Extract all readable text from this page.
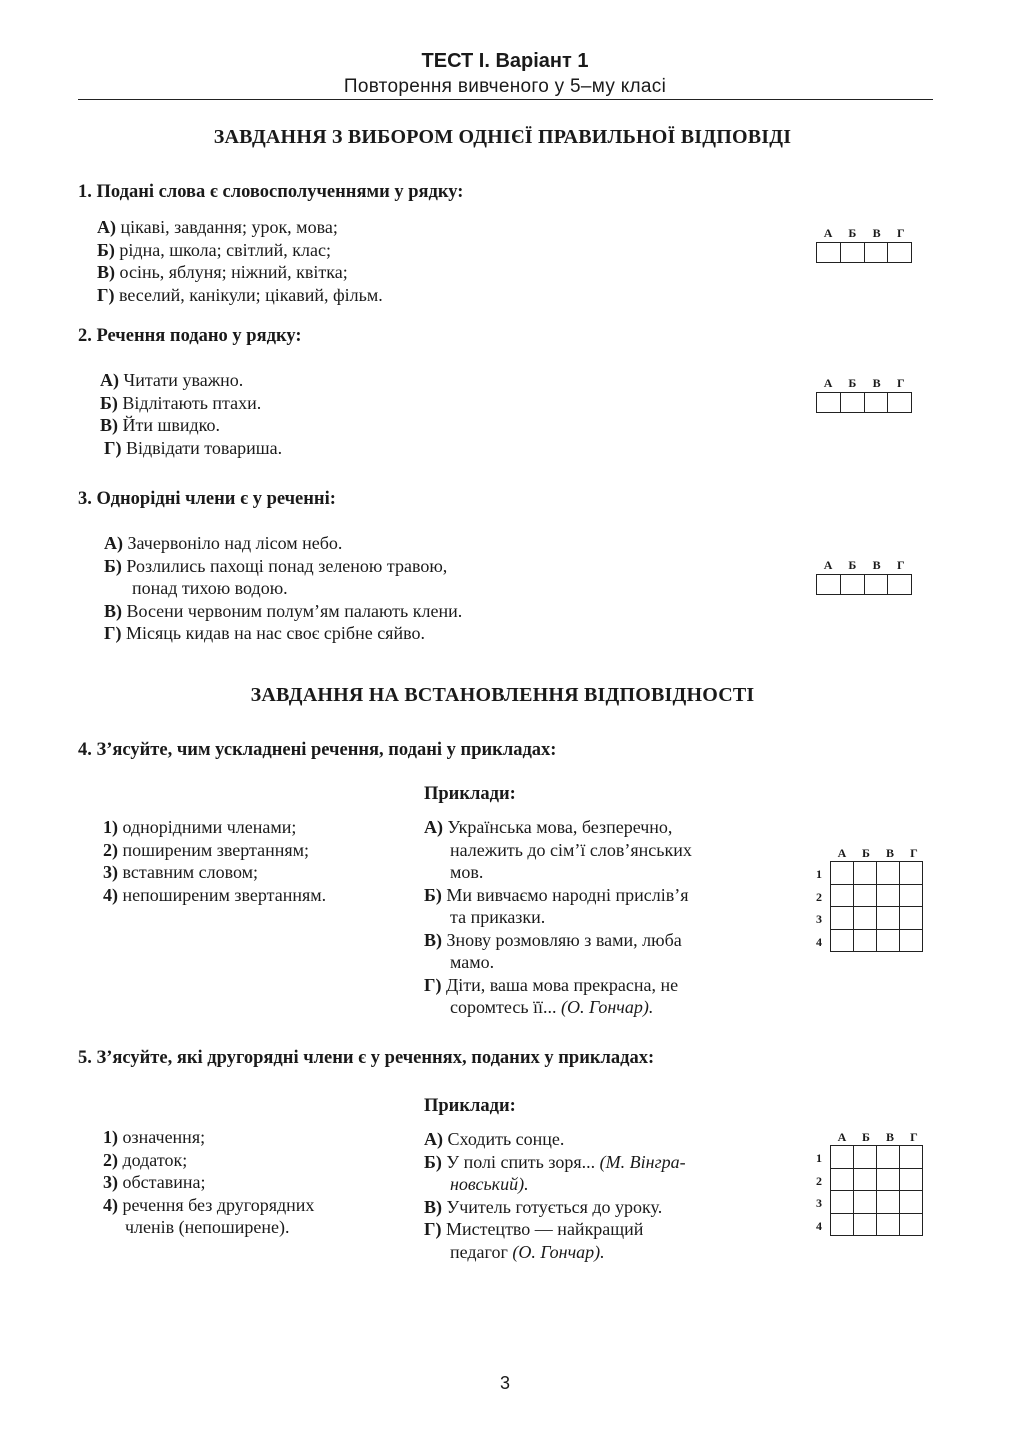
ТЕСТ І. Варіант 1
Повторення вивченого у 5–му класі
ЗАВДАННЯ З ВИБОРОМ ОДНІЄЇ ПРАВИЛЬНОЇ ВІДПОВІДІ
1. Подані слова є словосполученнями у рядку:
А) цікаві, завдання; урок, мова;
Б) рідна, школа; світлий, клас;
В) осінь, яблуня; ніжний, квітка;
Г) веселий, канікули; цікавий, фільм.
А	Б	В	Г
2. Речення подано у рядку:
А) Читати уважно.
Б) Відлітають птахи.
В) Йти швидко.
Г) Відвідати товариша.
А	Б	В	Г
3. Однорідні члени є у реченні:
А) Зачервоніло над лісом небо.
Б) Розлились пахощі понад зеленою травою,
понад тихою водою.
В) Восени червоним полум’ям палають клени.
Г) Місяць кидав на нас своє срібне сяйво.
А	Б	В	Г
ЗАВДАННЯ НА ВСТАНОВЛЕННЯ ВІДПОВІДНОСТІ
4. З’ясуйте, чим ускладнені речення, подані у прикладах:
Приклади:
1) однорідними членами;
2) поширеним звертанням;
3) вставним словом;
4) непоширеним звертанням.
А) Українська мова, безперечно,
належить до сім’ї слов’янських
мов.
Б) Ми вивчаємо народні прислів’я
та приказки.
В) Знову розмовляю з вами, люба
мамо.
Г) Діти, ваша мова прекрасна, не
соромтесь її... (О. Гончар).
А	Б	В	Г
1
2
3
4

5. З’ясуйте, які другорядні члени є у реченнях, поданих у прикладах:
Приклади:
1) означення;
2) додаток;
3) обставина;
4) речення без другорядних
членів (непоширене).
А) Сходить сонце.
Б) У полі спить зоря... (М. Вінгра-
новський).
В) Учитель готується до уроку.
Г) Мистецтво — найкращий
педагог (О. Гончар).
А	Б	В	Г
1
2
3
4

3
